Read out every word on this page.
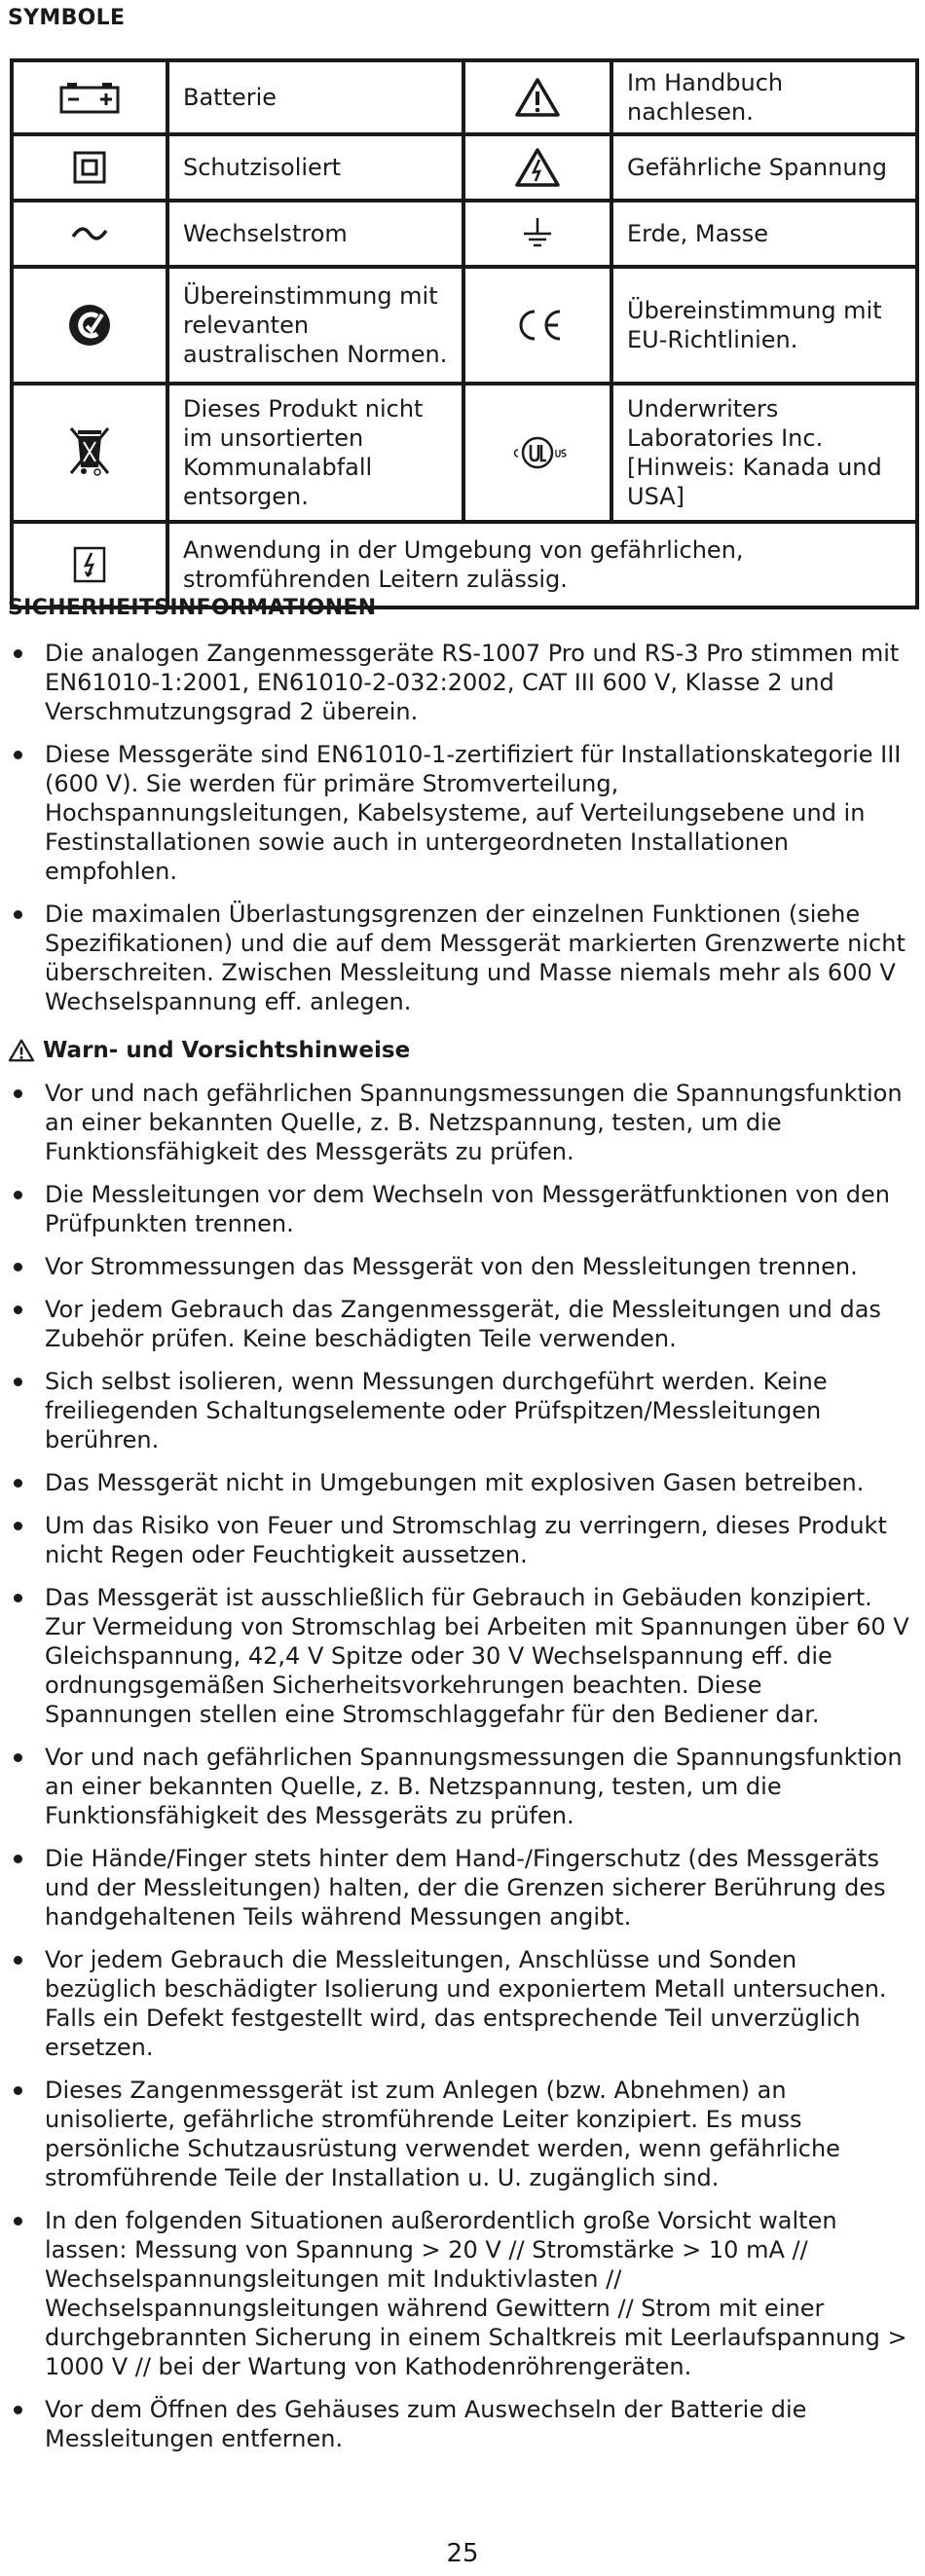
SYMBOLE
	Batterie		Im Handbuch nachlesen.

	Schutzisoliert		Gefährliche Spannung

	Wechselstrom		Erde, Masse

	Übereinstimmung mit relevanten australischen Normen.		Übereinstimmung mit EU-Richtlinien.

	Dieses Produkt nicht im unsortierten Kommunalabfall entsorgen.		Underwriters Laboratories Inc. [Hinweis: Kanada und USA]

	Anwendung in der Umgebung von gefährlichen, stromführenden Leitern zulässig.		
SICHERHEITSINFORMATIONEN
Die analogen Zangenmessgeräte RS-1007 Pro und RS-3 Pro stimmen mit EN61010-1:2001, EN61010-2-032:2002, CAT III 600 V, Klasse 2 und Verschmutzungsgrad 2 überein.
Diese Messgeräte sind EN61010-1-zertifiziert für Installationskategorie III (600 V). Sie werden für primäre Stromverteilung, Hochspannungsleitungen, Kabelsysteme, auf Verteilungsebene und in Festinstallationen sowie auch in untergeordneten Installationen empfohlen.
Die maximalen Überlastungsgrenzen der einzelnen Funktionen (siehe Spezifikationen) und die auf dem Messgerät markierten Grenzwerte nicht überschreiten. Zwischen Messleitung und Masse niemals mehr als 600 V Wechselspannung eff. anlegen.
Warn- und Vorsichtshinweise
Vor und nach gefährlichen Spannungsmessungen die Spannungsfunktion an einer bekannten Quelle, z. B. Netzspannung, testen, um die Funktionsfähigkeit des Messgeräts zu prüfen.
Die Messleitungen vor dem Wechseln von Messgerätfunktionen von den Prüfpunkten trennen.
Vor Strommessungen das Messgerät von den Messleitungen trennen.
Vor jedem Gebrauch das Zangenmessgerät, die Messleitungen und das Zubehör prüfen. Keine beschädigten Teile verwenden.
Sich selbst isolieren, wenn Messungen durchgeführt werden. Keine freiliegenden Schaltungselemente oder Prüfspitzen/Messleitungen berühren.
Das Messgerät nicht in Umgebungen mit explosiven Gasen betreiben.
Um das Risiko von Feuer und Stromschlag zu verringern, dieses Produkt nicht Regen oder Feuchtigkeit aussetzen.
Das Messgerät ist ausschließlich für Gebrauch in Gebäuden konzipiert. Zur Vermeidung von Stromschlag bei Arbeiten mit Spannungen über 60 V Gleichspannung, 42,4 V Spitze oder 30 V Wechselspannung eff. die ordnungsgemäßen Sicherheitsvorkehrungen beachten. Diese Spannungen stellen eine Stromschlaggefahr für den Bediener dar.
Vor und nach gefährlichen Spannungsmessungen die Spannungsfunktion an einer bekannten Quelle, z. B. Netzspannung, testen, um die Funktionsfähigkeit des Messgeräts zu prüfen.
Die Hände/Finger stets hinter dem Hand-/Fingerschutz (des Messgeräts und der Messleitungen) halten, der die Grenzen sicherer Berührung des handgehaltenen Teils während Messungen angibt.
Vor jedem Gebrauch die Messleitungen, Anschlüsse und Sonden bezüglich beschädigter Isolierung und exponiertem Metall untersuchen. Falls ein Defekt festgestellt wird, das entsprechende Teil unverzüglich ersetzen.
Dieses Zangenmessgerät ist zum Anlegen (bzw. Abnehmen) an unisolierte, gefährliche stromführende Leiter konzipiert. Es muss persönliche Schutzausrüstung verwendet werden, wenn gefährliche stromführende Teile der Installation u. U. zugänglich sind.
In den folgenden Situationen außerordentlich große Vorsicht walten lassen: Messung von Spannung > 20 V // Stromstärke > 10 mA // Wechselspannungsleitungen mit Induktivlasten // Wechselspannungsleitungen während Gewittern // Strom mit einer durchgebrannten Sicherung in einem Schaltkreis mit Leerlaufspannung > 1000 V // bei der Wartung von Kathodenröhrengeräten.
Vor dem Öffnen des Gehäuses zum Auswechseln der Batterie die Messleitungen entfernen.
25
